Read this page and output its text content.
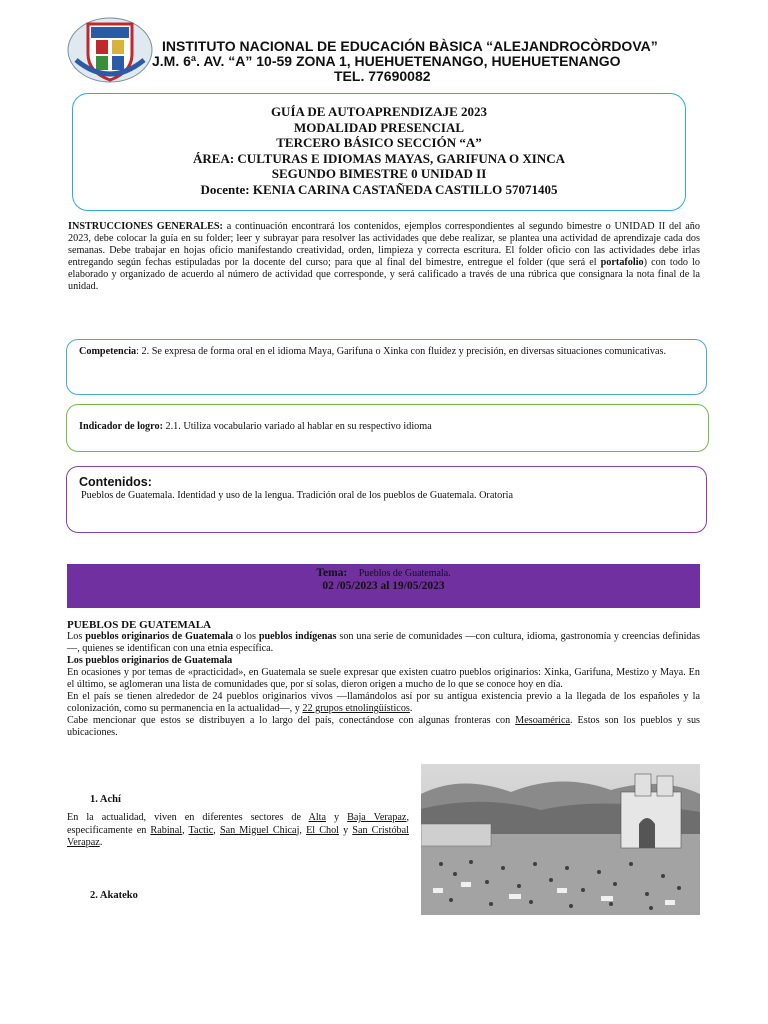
INSTITUTO NACIONAL DE EDUCACIÓN BÀSICA “ALEJANDROCÒRDOVA”
J.M. 6ª. AV. “A” 10-59 ZONA 1, HUEHUETENANGO, HUEHUETENANGO
TEL. 77690082
GUÍA DE AUTOAPRENDIZAJE 2023
MODALIDAD PRESENCIAL
TERCERO BÁSICO SECCIÓN “A”
ÁREA: CULTURAS E IDIOMAS MAYAS, GARIFUNA O XINCA
SEGUNDO BIMESTRE 0 UNIDAD II
Docente: KENIA CARINA CASTAÑEDA CASTILLO 57071405
INSTRUCCIONES GENERALES: a continuación encontrará los contenidos, ejemplos correspondientes al segundo bimestre o UNIDAD II del año 2023, debe colocar la guía en su folder; leer y subrayar para resolver las actividades que debe realizar, se plantea una actividad de aprendizaje cada dos semanas. Debe trabajar en hojas oficio manifestando creatividad, orden, limpieza y correcta escritura. El folder oficio con las actividades debe irlas entregando según fechas estipuladas por la docente del curso; para que al final del bimestre, entregue el folder (que será el portafolio) con todo lo elaborado y organizado de acuerdo al número de actividad que corresponde, y será calificado a través de una rúbrica que consignara la nota final de la unidad.
Competencia: 2. Se expresa de forma oral en el idioma Maya, Garifuna o Xinka con fluidez y precisión, en diversas situaciones comunicativas.
Indicador de logro: 2.1. Utiliza vocabulario variado al hablar en su respectivo idioma
Contenidos:
Pueblos de Guatemala. Identidad y uso de la lengua. Tradición oral de los pueblos de Guatemala. Oratoria
Tema: Pueblos de Guatemala.
02 /05/2023 al 19/05/2023
PUEBLOS DE GUATEMALA
Los pueblos originarios de Guatemala o los pueblos indígenas son una serie de comunidades —con cultura, idioma, gastronomía y creencias definidas—, quienes se identifican con una etnia específica.
Los pueblos originarios de Guatemala
En ocasiones y por temas de «practicidad», en Guatemala se suele expresar que existen cuatro pueblos originarios: Xinka, Garifuna, Mestizo y Maya. En el último, se aglomeran una lista de comunidades que, por sí solas, dieron origen a mucho de lo que se conoce hoy en día.
En el país se tienen alrededor de 24 pueblos originarios vivos —llamándolos así por su antigua existencia previo a la llegada de los españoles y la colonización, como su permanencia en la actualidad—, y 22 grupos etnolingüísticos.
Cabe mencionar que estos se distribuyen a lo largo del país, conectándose con algunas fronteras con Mesoamérica. Estos son los pueblos y sus ubicaciones.
1. Achí
En la actualidad, viven en diferentes sectores de Alta y Baja Verapaz, especificamente en Rabinal, Tactic, San Miguel Chicaj, El Chol y San Cristóbal Verapaz.
2. Akateko
